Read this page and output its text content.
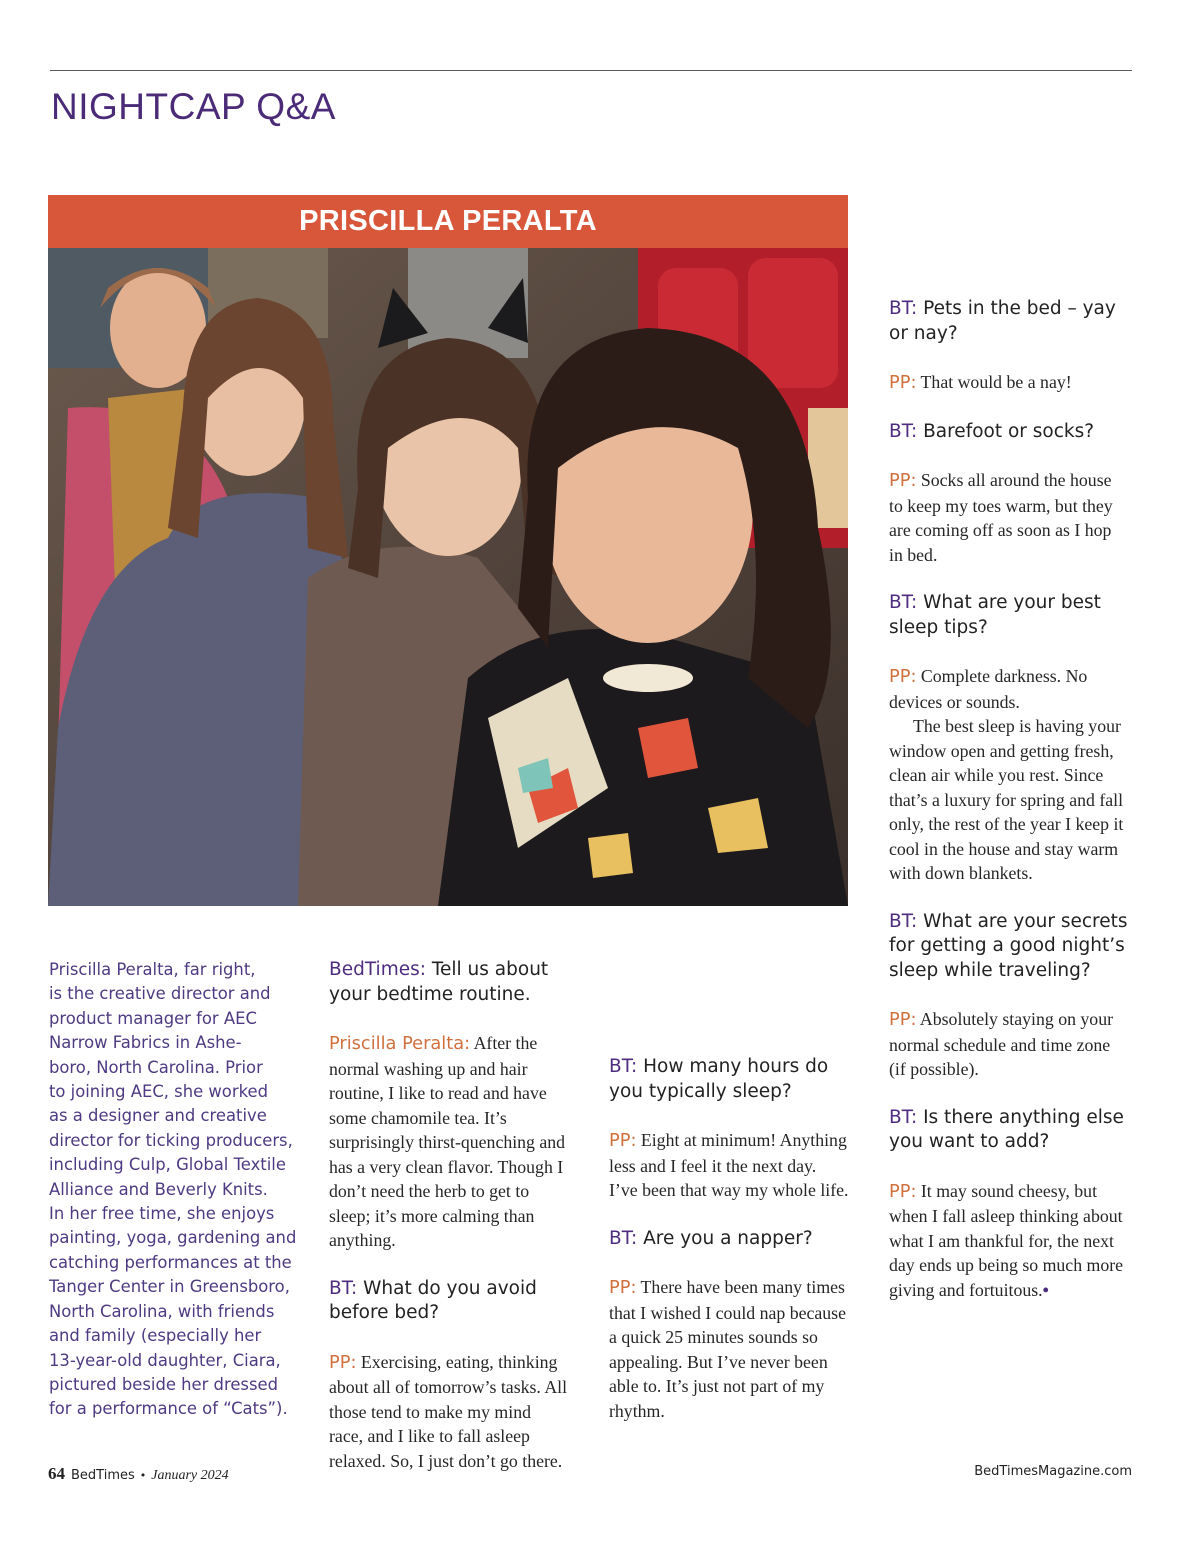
NIGHTCAP Q&A
PRISCILLA PERALTA

Priscilla Peralta, far right,

is the creative director and

product manager for AEC

Narrow Fabrics in Ashe-

boro, North Carolina. Prior

to joining AEC, she worked

as a designer and creative

director for ticking producers,

including Culp, Global Textile

Alliance and Beverly Knits.

In her free time, she enjoys

painting, yoga, gardening and

catching performances at the

Tanger Center in Greensboro,

North Carolina, with friends

and family (especially her

13-year-old daughter, Ciara,

pictured beside her dressed

for a performance of “Cats”).

BedTimes: Tell us about your bedtime routine.

Priscilla Peralta: After the normal washing up and hair routine, I like to read and have some chamomile tea. It’s surprisingly thirst-quenching and has a very clean flavor. Though I don’t need the herb to get to sleep; it’s more calming than anything.

BT: What do you avoid before bed?

PP: Exercising, eating, thinking about all of tomorrow’s tasks. All those tend to make my mind race, and I like to fall asleep relaxed. So, I just don’t go there.

BT: How many hours do you typically sleep?

PP: Eight at minimum! Anything less and I feel it the next day. I’ve been that way my whole life.

BT: Are you a napper?

PP: There have been many times that I wished I could nap because a quick 25 minutes sounds so appealing. But I’ve never been able to. It’s just not part of my rhythm.

BT: Pets in the bed – yay or nay?

PP: That would be a nay!

BT: Barefoot or socks?

PP: Socks all around the house to keep my toes warm, but they are coming off as soon as I hop in bed.

BT: What are your best sleep tips?

PP: Complete darkness. No devices or sounds.

The best sleep is having your window open and getting fresh, clean air while you rest. Since that’s a luxury for spring and fall only, the rest of the year I keep it cool in the house and stay warm with down blankets.

BT: What are your secrets for getting a good night’s sleep while traveling?

PP: Absolutely staying on your normal schedule and time zone (if possible).

BT: Is there anything else you want to add?

PP: It may sound cheesy, but when I fall asleep thinking about what I am thankful for, the next day ends up being so much more giving and fortuitous.•

64 BedTimes • January 2024	BedTimesMagazine.com
